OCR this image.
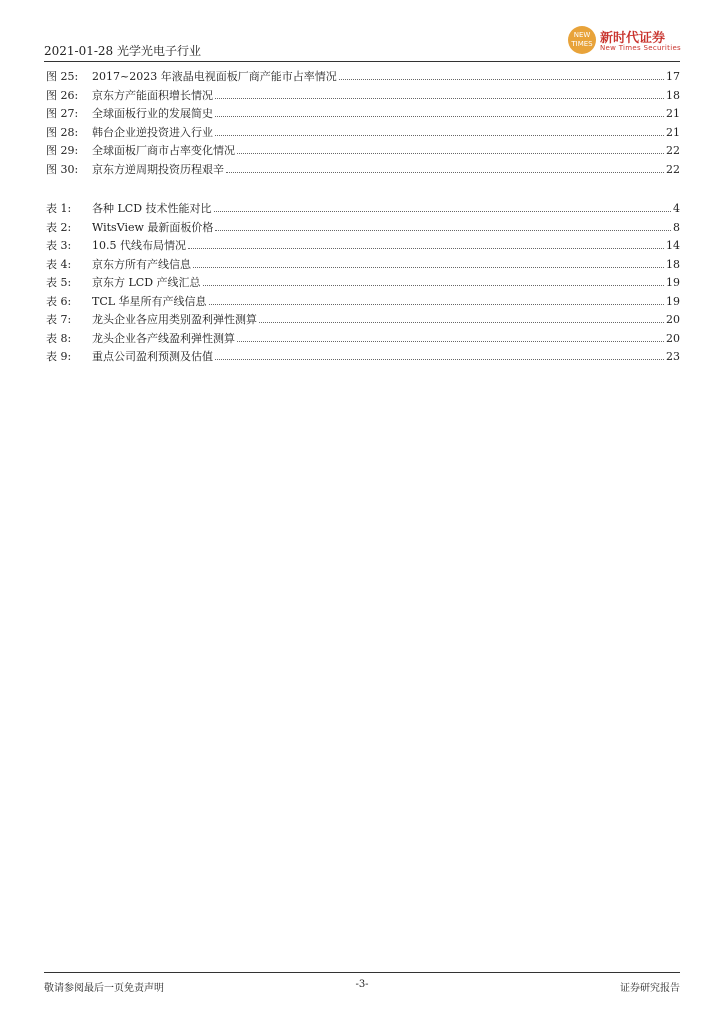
2021-01-28 光学光电子行业
NEW TIMES 新时代证券
New Times Securities
图 25:	2017~2023 年液晶电视面板厂商产能市占率情况	17
图 26:	京东方产能面积增长情况	18
图 27:	全球面板行业的发展简史	21
图 28:	韩台企业逆投资进入行业	21
图 29:	全球面板厂商市占率变化情况	22
图 30:	京东方逆周期投资历程艰辛	22
表 1:	各种 LCD 技术性能对比	4
表 2:	WitsView 最新面板价格	8
表 3:	10.5 代线布局情况	14
表 4:	京东方所有产线信息	18
表 5:	京东方 LCD 产线汇总	19
表 6:	TCL 华星所有产线信息	19
表 7:	龙头企业各应用类别盈利弹性测算	20
表 8:	龙头企业各产线盈利弹性测算	20
表 9:	重点公司盈利预测及估值	23
敬请参阅最后一页免责声明	-3-	证券研究报告
